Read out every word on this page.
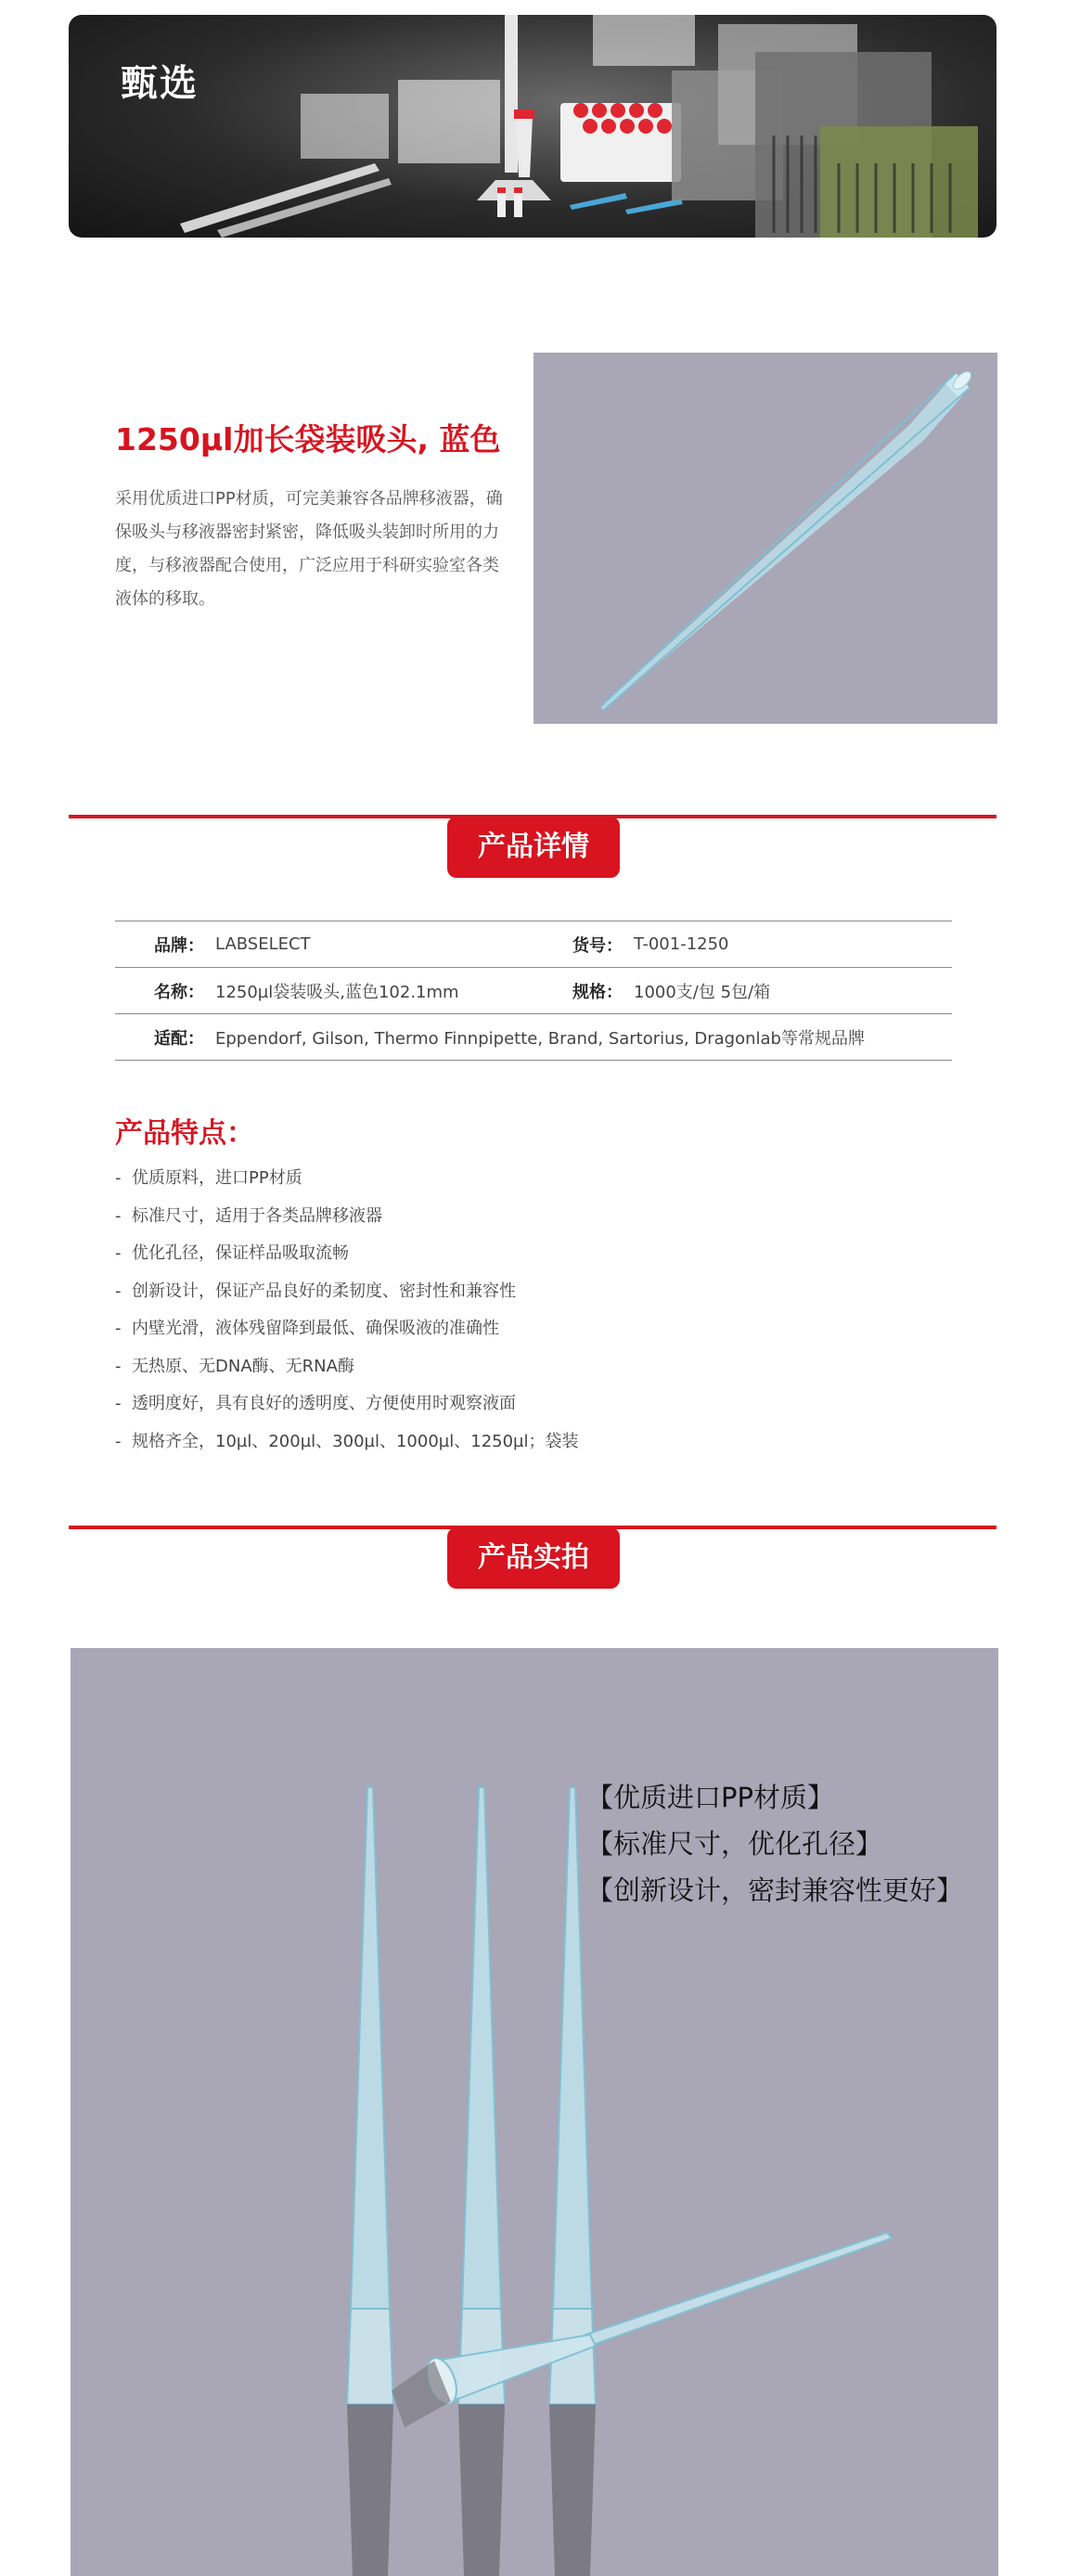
甄选
1250µl加长袋装吸头, 蓝色
采用优质进口PP材质，可完美兼容各品牌移液器，确保吸头与移液器密封紧密，降低吸头装卸时所用的力度，与移液器配合使用，广泛应用于科研实验室各类液体的移取。
产品详情
品牌： LABSELECT	货号： T-001-1250
名称： 1250µl袋装吸头,蓝色102.1mm	规格： 1000支/包 5包/箱
适配： Eppendorf, Gilson, Thermo Finnpipette, Brand, Sartorius, Dragonlab等常规品牌
产品特点：
- 优质原料，进口PP材质
- 标准尺寸，适用于各类品牌移液器
- 优化孔径，保证样品吸取流畅
- 创新设计，保证产品良好的柔韧度、密封性和兼容性
- 内壁光滑，液体残留降到最低、确保吸液的准确性
- 无热原、无DNA酶、无RNA酶
- 透明度好，具有良好的透明度、方便使用时观察液面
- 规格齐全，10µl、200µl、300µl、1000µl、1250µl；袋装
产品实拍
【优质进口PP材质】
【标准尺寸，优化孔径】
【创新设计，密封兼容性更好】
